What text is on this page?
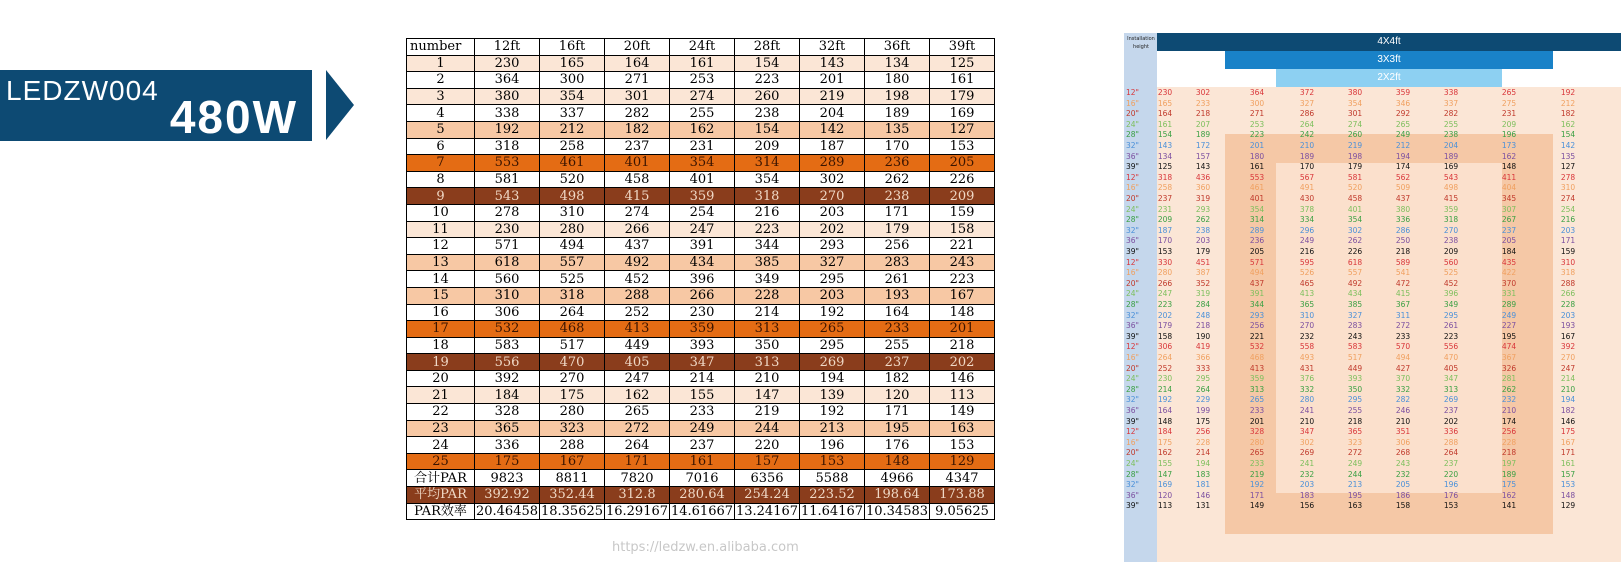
LEDZW004
480W
number	12ft	16ft	20ft	24ft	28ft	32ft	36ft	39ft
1	230	165	164	161	154	143	134	125
2	364	300	271	253	223	201	180	161
3	380	354	301	274	260	219	198	179
4	338	337	282	255	238	204	189	169
5	192	212	182	162	154	142	135	127
6	318	258	237	231	209	187	170	153
7	553	461	401	354	314	289	236	205
8	581	520	458	401	354	302	262	226
9	543	498	415	359	318	270	238	209
10	278	310	274	254	216	203	171	159
11	230	280	266	247	223	202	179	158
12	571	494	437	391	344	293	256	221
13	618	557	492	434	385	327	283	243
14	560	525	452	396	349	295	261	223
15	310	318	288	266	228	203	193	167
16	306	264	252	230	214	192	164	148
17	532	468	413	359	313	265	233	201
18	583	517	449	393	350	295	255	218
19	556	470	405	347	313	269	237	202
20	392	270	247	214	210	194	182	146
21	184	175	162	155	147	139	120	113
22	328	280	265	233	219	192	171	149
23	365	323	272	249	244	213	195	163
24	336	288	264	237	220	196	176	153
25	175	167	171	161	157	153	148	129
合计PAR	9823	8811	7820	7016	6356	5588	4966	4347
平均PAR	392.92	352.44	312.8	280.64	254.24	223.52	198.64	173.88
PAR效率	20.46458	18.35625	16.29167	14.61667	13.24167	11.64167	10.34583	9.05625
https://ledzw.en.alibaba.com
Installation height	4X4ft
3X3ft
2X2ft
12"	230	302	364	372	380	359	338	265	192
16"	165	233	300	327	354	346	337	275	212
20"	164	218	271	286	301	292	282	231	182
24"	161	207	253	264	274	265	255	209	162
28"	154	189	223	242	260	249	238	196	154
32"	143	172	201	210	219	212	204	173	142
36"	134	157	180	189	198	194	189	162	135
39"	125	143	161	170	179	174	169	148	127
12"	318	436	553	567	581	562	543	411	278
16"	258	360	461	491	520	509	498	404	310
20"	237	319	401	430	458	437	415	345	274
24"	231	293	354	378	401	380	359	307	254
28"	209	262	314	334	354	336	318	267	216
32"	187	238	289	296	302	286	270	237	203
36"	170	203	236	249	262	250	238	205	171
39"	153	179	205	216	226	218	209	184	159
12"	330	451	571	595	618	589	560	435	310
16"	280	387	494	526	557	541	525	422	318
20"	266	352	437	465	492	472	452	370	288
24"	247	319	391	413	434	415	396	331	266
28"	223	284	344	365	385	367	349	289	228
32"	202	248	293	310	327	311	295	249	203
36"	179	218	256	270	283	272	261	227	193
39"	158	190	221	232	243	233	223	195	167
12"	306	419	532	558	583	570	556	474	392
16"	264	366	468	493	517	494	470	367	270
20"	252	333	413	431	449	427	405	326	247
24"	230	295	359	376	393	370	347	281	214
28"	214	264	313	332	350	332	313	262	210
32"	192	229	265	280	295	282	269	232	194
36"	164	199	233	241	255	246	237	210	182
39"	148	175	201	210	218	210	202	174	146
12"	184	256	328	347	365	351	336	256	175
16"	175	228	280	302	323	306	288	228	167
20"	162	214	265	269	272	268	264	218	171
24"	155	194	233	241	249	243	237	197	161
28"	147	183	219	232	244	232	220	189	157
32"	169	181	192	203	213	205	196	175	153
36"	120	146	171	183	195	186	176	162	148
39"	113	131	149	156	163	158	153	141	129
